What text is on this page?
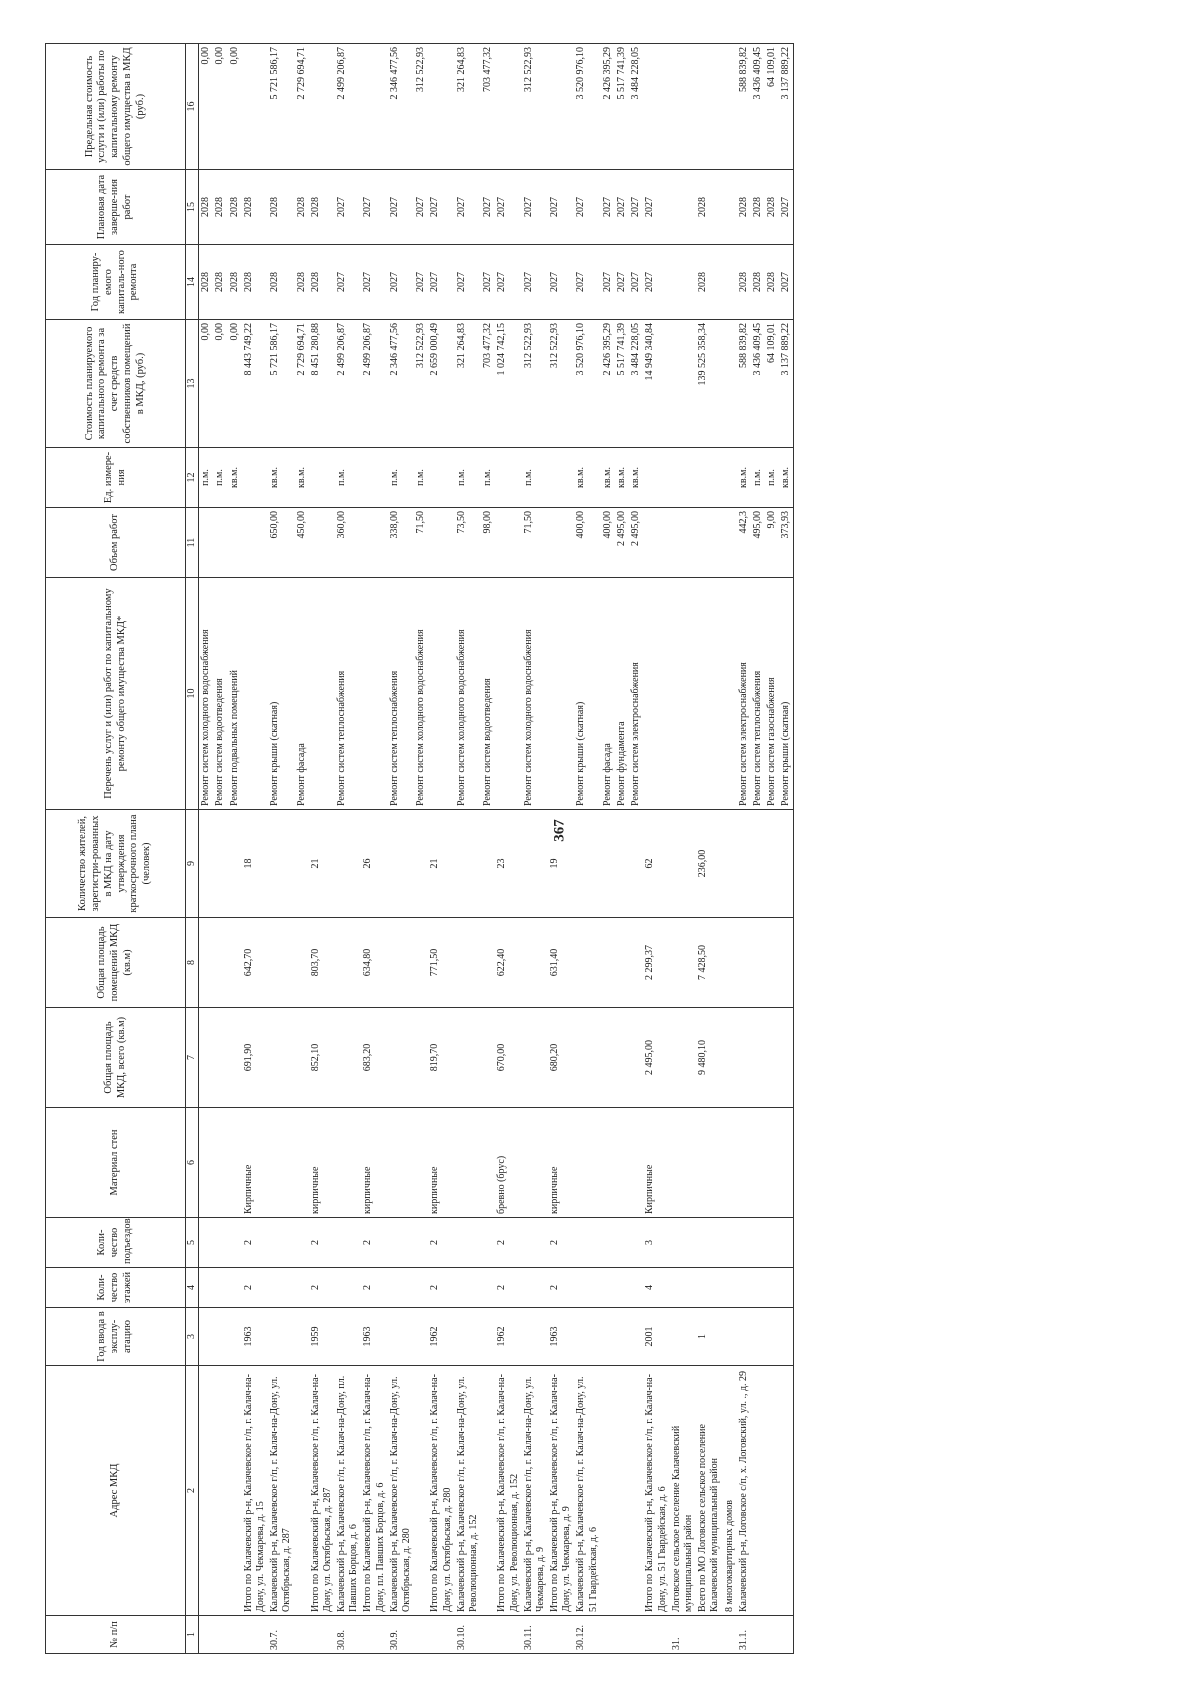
367
№ п/п	Адрес МКД	Год ввода в эксплу-атацию	Коли-чество этажей	Коли-чество подъездов	Материал стен	Общая площадь МКД, всего (кв.м)	Общая площадь помещений МКД (кв.м)	Количество жителей, зарегистри-рованных в МКД на дату утверждения краткосрочного плана (человек)	Перечень услуг и (или) работ по капитальному ремонту общего имущества МКД*	Объем работ	Ед. измере-ния	Стоимость планируемого капитального ремонта за счет средств собственников помещений в МКД, (руб.)	Год планиру-емого капиталь-ного ремонта	Плановая дата заверше-ния работ	Предельная стоимость услуги и (или) работы по капитальному ремонту общего имущества в МКД (руб.)
1	2	3	4	5	6	7	8	9	10	11	12	13	14	15	16
									Ремонт систем холодного водоснабжения		п.м.	0,00	2028	2028	0,00
									Ремонт систем водоотведения		п.м.	0,00	2028	2028	0,00
									Ремонт подвальных помещений		кв.м.	0,00	2028	2028	0,00
	Итого по Калачевский р-н, Калачевское г/п, г. Калач-на-Дону, ул. Чекмарева, д. 15	1963	2	2	Кирпичные	691,90	642,70	18				8 443 749,22	2028	2028	
30.7.	Калачевский р-н, Калачевское г/п, г. Калач-на-Дону, ул. Октябрьская, д. 287								Ремонт крыши (скатная)	650,00	кв.м.	5 721 586,17	2028	2028	5 721 586,17
									Ремонт фасада	450,00	кв.м.	2 729 694,71	2028	2028	2 729 694,71
	Итого по Калачевский р-н, Калачевское г/п, г. Калач-на-Дону, ул. Октябрьская, д. 287	1959	2	2	кирпичные	852,10	803,70	21				8 451 280,88	2028	2028	
30.8.	Калачевский р-н, Калачевское г/п, г. Калач-на-Дону, пл. Павших Борцов, д. 6								Ремонт систем теплоснабжения	360,00	п.м.	2 499 206,87	2027	2027	2 499 206,87
	Итого по Калачевский р-н, Калачевское г/п, г. Калач-на-Дону, пл. Павших Борцов, д. 6	1963	2	2	кирпичные	683,20	634,80	26				2 499 206,87	2027	2027	
30.9.	Калачевский р-н, Калачевское г/п, г. Калач-на-Дону, ул. Октябрьская, д. 280								Ремонт систем теплоснабжения	338,00	п.м.	2 346 477,56	2027	2027	2 346 477,56
									Ремонт систем холодного водоснабжения	71,50	п.м.	312 522,93	2027	2027	312 522,93
	Итого по Калачевский р-н, Калачевское г/п, г. Калач-на-Дону, ул. Октябрьская, д. 280	1962	2	2	кирпичные	819,70	771,50	21				2 659 000,49	2027	2027	
30.10.	Калачевский р-н, Калачевское г/п, г. Калач-на-Дону, ул. Революционная, д. 152								Ремонт систем холодного водоснабжения	73,50	п.м.	321 264,83	2027	2027	321 264,83
									Ремонт систем водоотведения	98,00	п.м.	703 477,32	2027	2027	703 477,32
	Итого по Калачевский р-н, Калачевское г/п, г. Калач-на-Дону, ул. Революционная, д. 152	1962	2	2	бревно (брус)	670,00	622,40	23				1 024 742,15	2027	2027	
30.11.	Калачевский р-н, Калачевское г/п, г. Калач-на-Дону, ул. Чекмарева, д. 9								Ремонт систем холодного водоснабжения	71,50	п.м.	312 522,93	2027	2027	312 522,93
	Итого по Калачевский р-н, Калачевское г/п, г. Калач-на-Дону, ул. Чекмарева, д. 9	1963	2	2	кирпичные	680,20	631,40	19				312 522,93	2027	2027	
30.12.	Калачевский р-н, Калачевское г/п, г. Калач-на-Дону, ул. 51 Гвардейская, д. 6								Ремонт крыши (скатная)	400,00	кв.м.	3 520 976,10	2027	2027	3 520 976,10
									Ремонт фасада	400,00	кв.м.	2 426 395,29	2027	2027	2 426 395,29
									Ремонт фундамента	2 495,00	кв.м.	5 517 741,39	2027	2027	5 517 741,39
									Ремонт систем электроснабжения	2 495,00	кв.м.	3 484 228,05	2027	2027	3 484 228,05
	Итого по Калачевский р-н, Калачевское г/п, г. Калач-на-Дону, ул. 51 Гвардейская, д. 6	2001	4	3	Кирпичные	2 495,00	2 299,37	62				14 949 340,84	2027	2027	
31.	Логовское сельское поселение Калачевский муниципальный район														
	Всего по МО Логовское сельское поселение Калачевский муниципальный район	1				9 480,10	7 428,50	236,00				139 525 358,34	2028	2028	
	8 многоквартирных домов														
31.1.	Калачевский р-н, Логовское с/п, х. Логовский, ул. ., д. 29								Ремонт систем электроснабжения	442,3	кв.м.	588 839,82	2028	2028	588 839,82
									Ремонт систем теплоснабжения	495,00	п.м.	3 436 409,45	2028	2028	3 436 409,45
									Ремонт систем газоснабжения	9,00	п.м.	64 109,01	2028	2028	64 109,01
									Ремонт крыши (скатная)	373,93	кв.м.	3 137 889,22	2027	2027	3 137 889,22
